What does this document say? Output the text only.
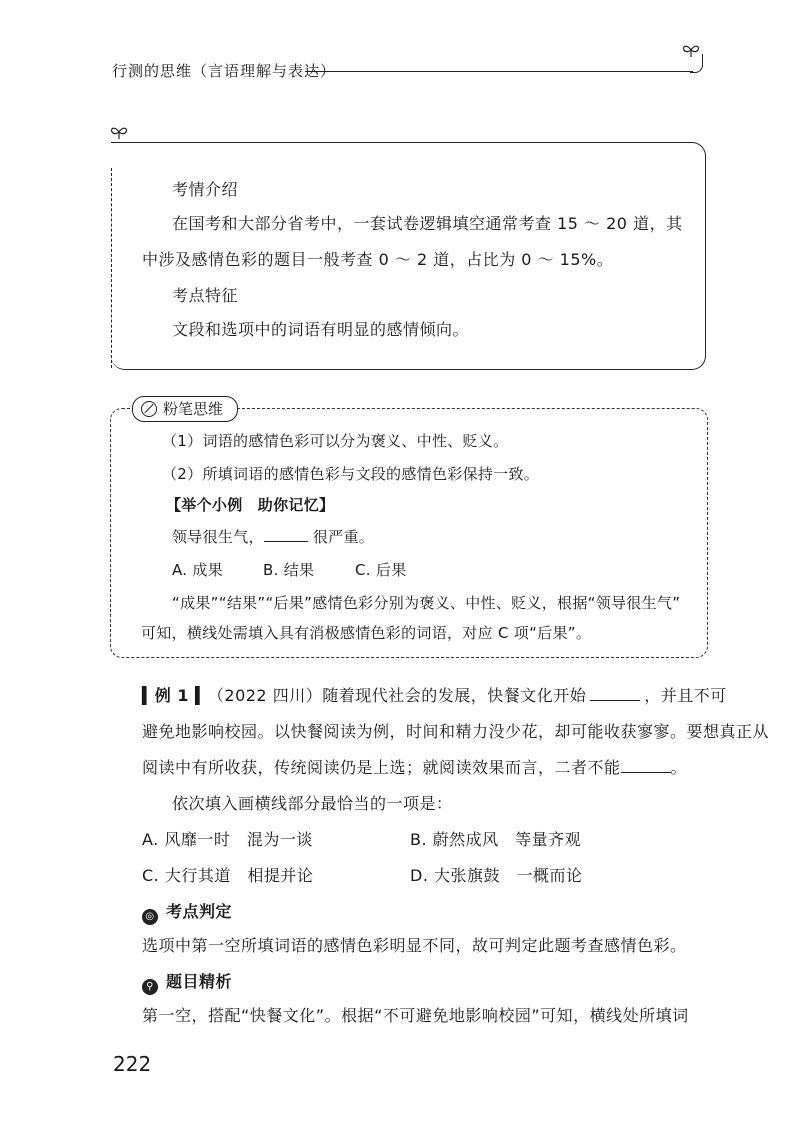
行测的思维（言语理解与表达）
考情介绍
在国考和大部分省考中，一套试卷逻辑填空通常考查 15 ～ 20 道，其
中涉及感情色彩的题目一般考查 0 ～ 2 道，占比为 0 ～ 15%。
考点特征
文段和选项中的词语有明显的感情倾向。
粉笔思维
（1）词语的感情色彩可以分为褒义、中性、贬义。
（2）所填词语的感情色彩与文段的感情色彩保持一致。
【举个小例　助你记忆】
领导很生气，	很严重。
A. 成果	B. 结果	C. 后果
“成果”“结果”“后果”感情色彩分别为褒义、中性、贬义，根据“领导很生气”
可知，横线处需填入具有消极感情色彩的词语，对应 C 项“后果”。
▍例 1 ▍（2022 四川）随着现代社会的发展，快餐文化开始	，并且不可
避免地影响校园。以快餐阅读为例，时间和精力没少花，却可能收获寥寥。要想真正从
阅读中有所收获，传统阅读仍是上选；就阅读效果而言，二者不能	。
依次填入画横线部分最恰当的一项是：
A. 风靡一时　混为一谈	B. 蔚然成风　等量齐观
C. 大行其道　相提并论	D. 大张旗鼓　一概而论
◎ 考点判定
选项中第一空所填词语的感情色彩明显不同，故可判定此题考查感情色彩。
⚲ 题目精析
第一空，搭配“快餐文化”。根据“不可避免地影响校园”可知，横线处所填词
222
